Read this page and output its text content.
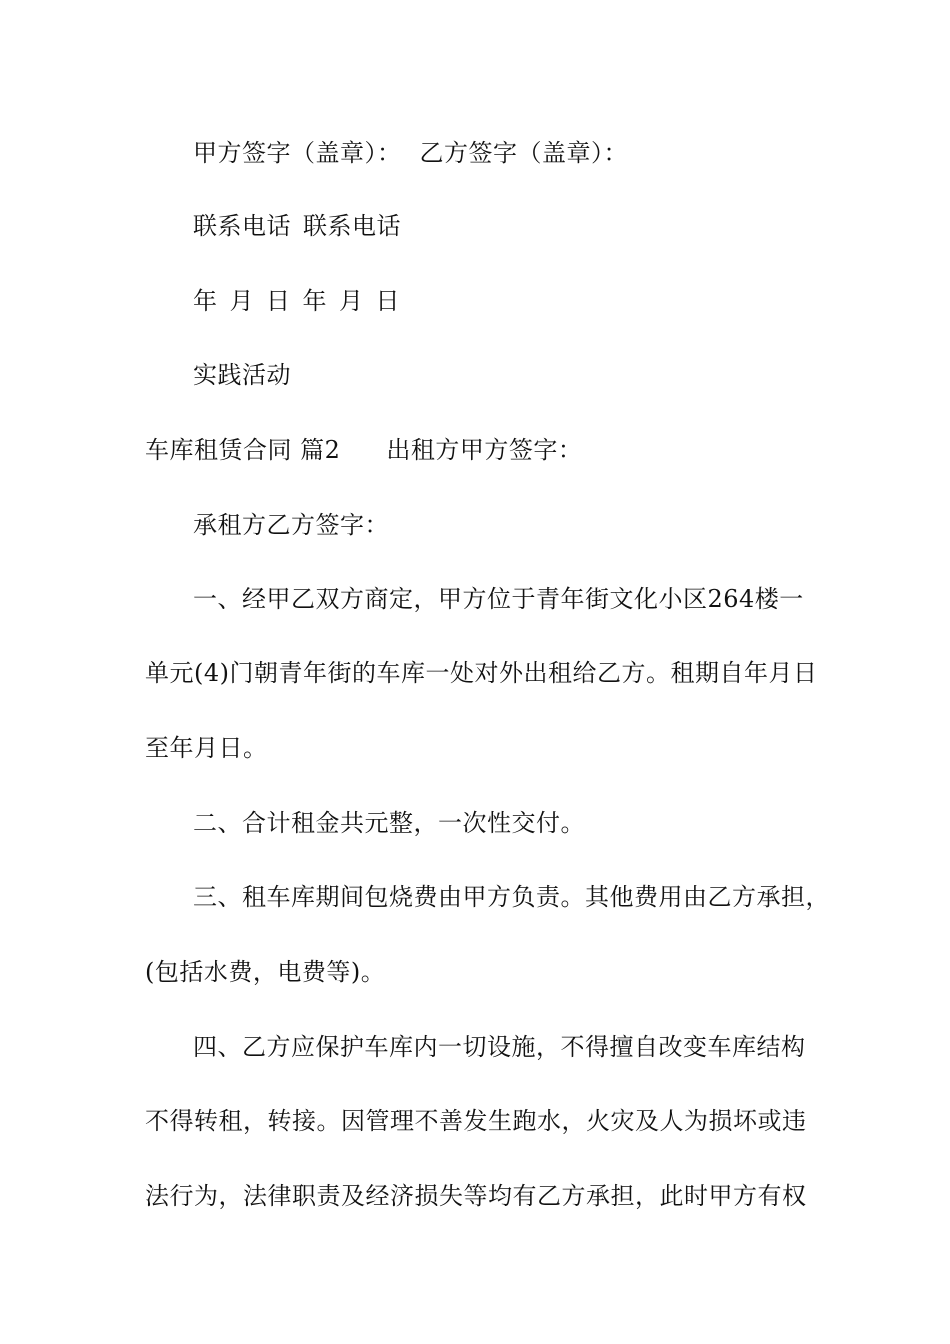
甲方签字（盖章）： 乙方签字（盖章）：
联系电话 联系电话
年 月 日 年 月 日
实践活动
车库租赁合同 篇2 出租方甲方签字：
承租方乙方签字：
一、经甲乙双方商定，甲方位于青年街文化小区264楼一
单元(4)门朝青年街的车库一处对外出租给乙方。租期自年月日
至年月日。
二、合计租金共元整，一次性交付。
三、租车库期间包烧费由甲方负责。其他费用由乙方承担，
(包括水费，电费等)。
四、乙方应保护车库内一切设施，不得擅自改变车库结构
不得转租，转接。因管理不善发生跑水，火灾及人为损坏或违
法行为，法律职责及经济损失等均有乙方承担，此时甲方有权
